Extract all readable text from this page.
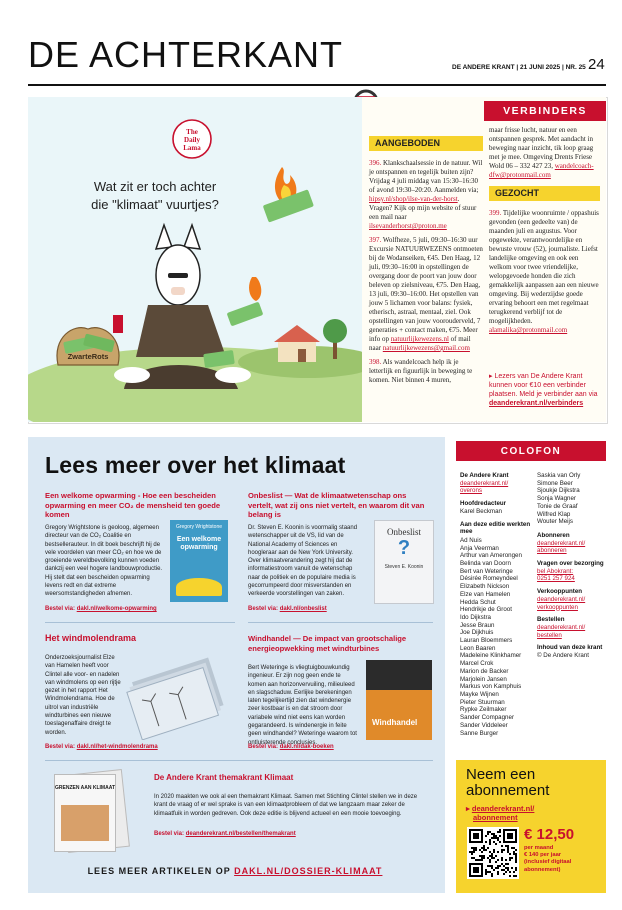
DE ACHTERKANT	DE ANDERE KRANT | 21 JUNI 2025 | NR. 25 24
The
Daily
Lama
Wat zit er toch achter
die "klimaat" vuurtjes?
ZwarteRots
VERBINDERS
AANGEBODEN

396. Klankschaalsessie in de natuur. Wil je ontspannen en tegelijk buiten zijn? Vrijdag 4 juli middag van 15:30–16:30 of avond 19:30–20:20. Aanmelden via; hipsy.nl/shop/ilse-van-der-horst. Vragen? Kijk op mijn website of stuur een mail naar ilsevanderhorst@proton.me

397. Wolfheze, 5 juli, 09:30–16:30 uur Excursie NATUURWEZENS ontmoeten bij de Wodanseiken, €45. Den Haag, 12 juli, 09:30–16:00 in opstellingen de overgang door de poort van jouw door beleven op zielsniveau, €75. Den Haag, 13 juli, 09:30–16:00. Het opstellen van jouw 5 lichamen voor balans: fysiek, etherisch, astraal, mentaal, ziel. Ook opstellingen van jouw voorouderveld, 7 generaties + contact maken, €75. Meer info op natuurlijkewezens.nl of mail naar natuurlijkewezens@gmail.com

398. Als wandelcoach help ik je letterlijk en figuurlijk in beweging te komen. Niet binnen 4 muren,

maar frisse lucht, natuur en een ontspannen gesprek. Met aandacht in beweging naar inzicht, tik loop graag met je mee. Omgeving Drents Friese Wold 06 – 332 427 23, wandelcoach-dfw@protonmail.com

GEZOCHT

399. Tijdelijke woonruimte / oppashuis gevonden (een gedeelte van) de maanden juli en augustus. Voor opgewekte, verantwoordelijke en bewuste vrouw (52), journaliste. Liefst landelijke omgeving en ook een welkom voor twee vriendelijke, welopgevoede honden die zich gemakkelijk aanpassen aan een nieuwe omgeving. Bij wederzijdse goede ervaring behoort een met regelmaat terugkerend verblijf tot de mogelijkheden. alamalika@protonmail.com

▸ Lezers van De Andere Krant kunnen voor €10 een verbinder plaatsen. Meld je verbinder aan via deanderekrant.nl/verbinders
Lees meer over het klimaat
Een welkome opwarming - Hoe een bescheiden opwarming en meer CO₂ de mensheid ten goede komen
Gregory Wrightstone is geoloog, algemeen directeur van de CO₂ Coalitie en bestsellerauteur. In dit boek beschrijft hij de vele voordelen van meer CO₂ en hoe we de groeiende wereldbevolking kunnen voeden dankzij een veel hogere landbouwproductie. Hij stelt dat een bescheiden opwarming levens redt en dat extreme weersomstandigheden afnemen.
Bestel via: dakl.nl/welkome-opwarming
Gregory Wrightstone
Een welkome opwarming
Onbeslist — Wat de klimaatwetenschap ons vertelt, wat zij ons niet vertelt, en waarom dit van belang is
Dr. Steven E. Koonin is voormalig staand wetenschapper uit de VS, lid van de National Academy of Sciences en hoogleraar aan de New York University. Over klimaatverandering zegt hij dat de informatiestroom vanuit de wetenschap naar de politiek en de populaire media is gecorrumpeerd door misverstanden en verkeerde voorstellingen van zaken.
Bestel via: dakl.nl/onbeslist
Onbeslist
?
Steven E. Koonin
Het windmolendrama
Onderzoeksjournalist Elze van Hamelen heeft voor Clintel alle voor- en nadelen van windmolens op een rijtje gezet in het rapport Het Windmolendrama. Hoe de uitrol van industriële windturbines een nieuwe toeslagenaffaire dreigt te worden.
Bestel via: dakl.nl/het-windmolendrama
Windhandel — De impact van grootschalige energieopwekking met windturbines
Bert Weteringe is vliegtuigbouwkundig ingenieur. Er zijn nog geen ende te komen aan horizonvervuiling, milieuleed en slagschaduw. Eerlijke berekeningen laten tegelijkertijd zien dat windenergie zeer kostbaar is en dat stroom door variabele wind niet eens kan worden gegarandeerd. Is windenergie in feite geen windhandel? Weteringe waarom tot ontluisterende conclusies.
Bestel via: dakl.nl/dak-boeken
Windhandel
GRENZEN AAN KLIMAAT
De Andere Krant themakrant Klimaat
In 2020 maakten we ook al een themakrant Klimaat. Samen met Stichting Clintel stellen we in deze krant de vraag of er wel sprake is van een klimaatprobleem of dat we langzaam maar zeker de klimaatfuik in worden gedreven. Ook deze editie is blijvend actueel en een mooie toevoeging.
Bestel via: deanderekrant.nl/bestellen/themakrant
LEES MEER ARTIKELEN OP DAKL.NL/DOSSIER-KLIMAAT
COLOFON

De Andere Krant
deanderekrant.nl/
overons

Hoofdredacteur
Karel Beckman

Aan deze editie werkten mee

Ad Nuis
Anja Veerman
Arthur van Amerongen
Belinda van Doorn
Bert van Weteringe
Désirée Romeyndeel
Elizabeth Nickson
Elze van Hamelen
Hedda Schut
Hendrikje de Groot
Ido Dijkstra
Jesse Braun
Joe Dijkhuis
Lauran Bloemmers
Leon Baaren
Madeleine Klinkhamer
Marcel Crok
Marion de Backer
Marjolein Jansen
Markus von Kamphuis
Mayke Wijnen
Pieter Stuurman
Rypke Zeilmaker
Sander Compagner
Sander Viddeleer
Sanne Burger
Saskia van Orly
Simone Beer
Sjoukje Dijkstra
Sonja Wagner
Tonie de Graaf
Wilfred Klap
Wouter Meijs

Abonneren
deanderekrant.nl/
abonneren

Vragen over bezorging
bel Abokrant:
0251 257 924

Verkooppunten
deanderekrant.nl/
verkooppunten

Bestellen
deanderekrant.nl/
bestellen

Inhoud van deze krant
© De Andere Krant

Neem een
abonnement
▸ deanderekrant.nl/
abonnement
€ 12,50
per maand
€ 140 per jaar
(inclusief digitaal
abonnement)
